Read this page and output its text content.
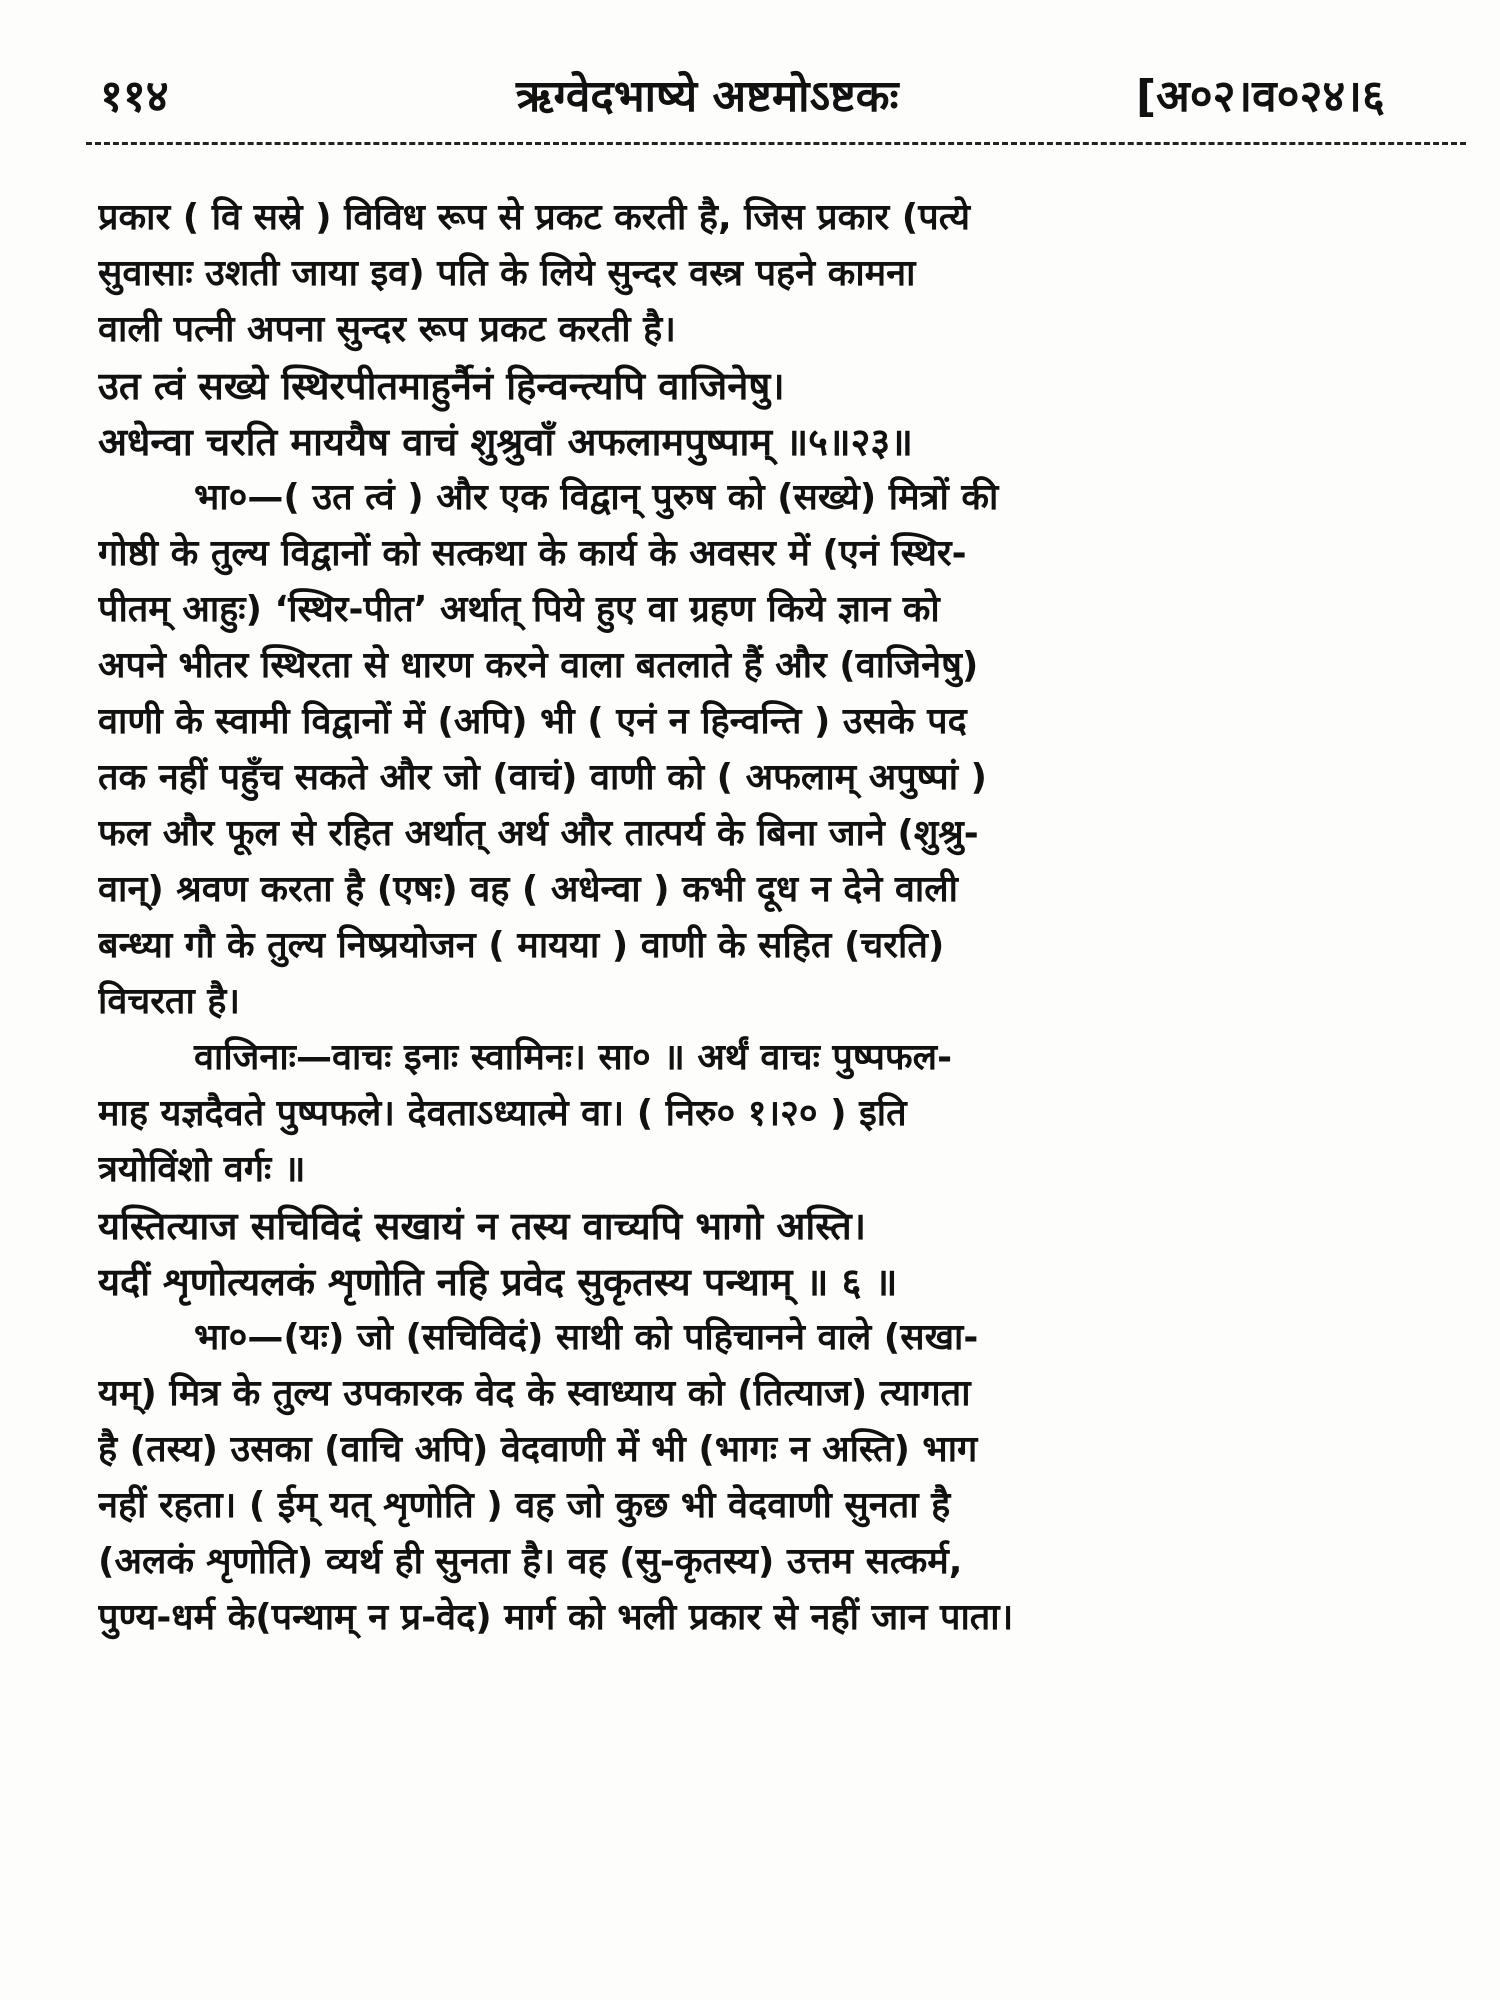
११४	ऋग्वेदभाष्ये अष्टमोऽष्टकः	[अ०२।व०२४।६
प्रकार ( वि सस्रे ) विविध रूप से प्रकट करती है, जिस प्रकार (पत्ये
सुवासाः उशती जाया इव) पति के लिये सुन्दर वस्त्र पहने कामना
वाली पत्नी अपना सुन्दर रूप प्रकट करती है।
उत त्वं सख्ये स्थिरपीतमाहुर्नैनं हिन्वन्त्यपि वाजिनेषु।
अधेन्वा चरति माययैष वाचं शुश्रुवाँ अफलामपुष्पाम् ॥५॥२३॥
भा०—( उत त्वं ) और एक विद्वान् पुरुष को (सख्ये) मित्रों की
गोष्ठी के तुल्य विद्वानों को सत्कथा के कार्य के अवसर में (एनं स्थिर-
पीतम् आहुः) ‘स्थिर-पीत’ अर्थात् पिये हुए वा ग्रहण किये ज्ञान को
अपने भीतर स्थिरता से धारण करने वाला बतलाते हैं और (वाजिनेषु)
वाणी के स्वामी विद्वानों में (अपि) भी ( एनं न हिन्वन्ति ) उसके पद
तक नहीं पहुँच सकते और जो (वाचं) वाणी को ( अफलाम् अपुष्पां )
फल और फूल से रहित अर्थात् अर्थ और तात्पर्य के बिना जाने (शुश्रु-
वान्) श्रवण करता है (एषः) वह ( अधेन्वा ) कभी दूध न देने वाली
बन्ध्या गौ के तुल्य निष्प्रयोजन ( मायया ) वाणी के सहित (चरति)
विचरता है।
वाजिनाः—वाचः इनाः स्वामिनः। सा० ॥ अर्थं वाचः पुष्पफल-
माह यज्ञदैवते पुष्पफले। देवताऽध्यात्मे वा। ( निरु० १।२० ) इति
त्रयोविंशो वर्गः ॥
यस्तित्याज सचिविदं सखायं न तस्य वाच्यपि भागो अस्ति।
यदीं शृणोत्यलकं शृणोति नहि प्रवेद सुकृतस्य पन्थाम् ॥ ६ ॥
भा०—(यः) जो (सचिविदं) साथी को पहिचानने वाले (सखा-
यम्) मित्र के तुल्य उपकारक वेद के स्वाध्याय को (तित्याज) त्यागता
है (तस्य) उसका (वाचि अपि) वेदवाणी में भी (भागः न अस्ति) भाग
नहीं रहता। ( ईम् यत् शृणोति ) वह जो कुछ भी वेदवाणी सुनता है
(अलकं शृणोति) व्यर्थ ही सुनता है। वह (सु-कृतस्य) उत्तम सत्कर्म,
पुण्य-धर्म के(पन्थाम् न प्र-वेद) मार्ग को भली प्रकार से नहीं जान पाता।
